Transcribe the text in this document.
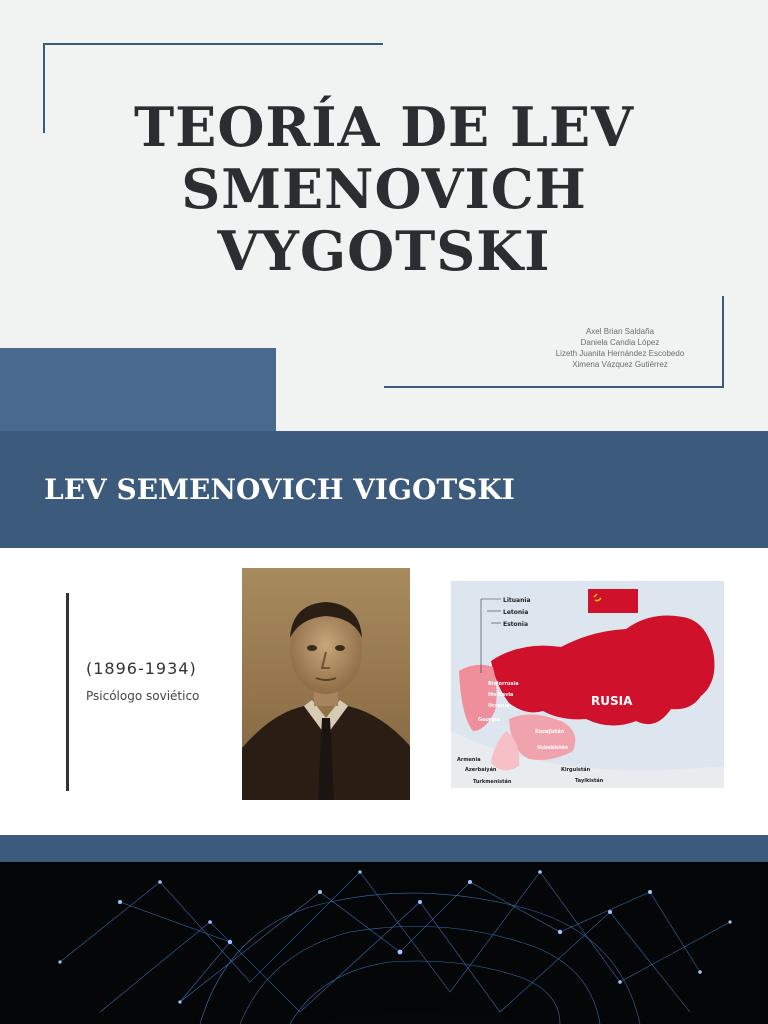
TEORÍA DE LEV
SMENOVICH
VYGOTSKI
Axel Brian Saldaña
Daniela Candia López
Lizeth Juanita Hernández Escobedo
Ximena Vázquez Gutiérrez
LEV SEMENOVICH VIGOTSKI
(1896-1934)
Psicólogo soviético
Lituania
Letonia
Estonia
RUSIA
Bielorrusia
Moldavia
Ucrania
Georgia
Kazajistán
Uzbekistán
Kirguistán
Tayikistán
Turkmenistán
Armenia
Azerbaiyán
